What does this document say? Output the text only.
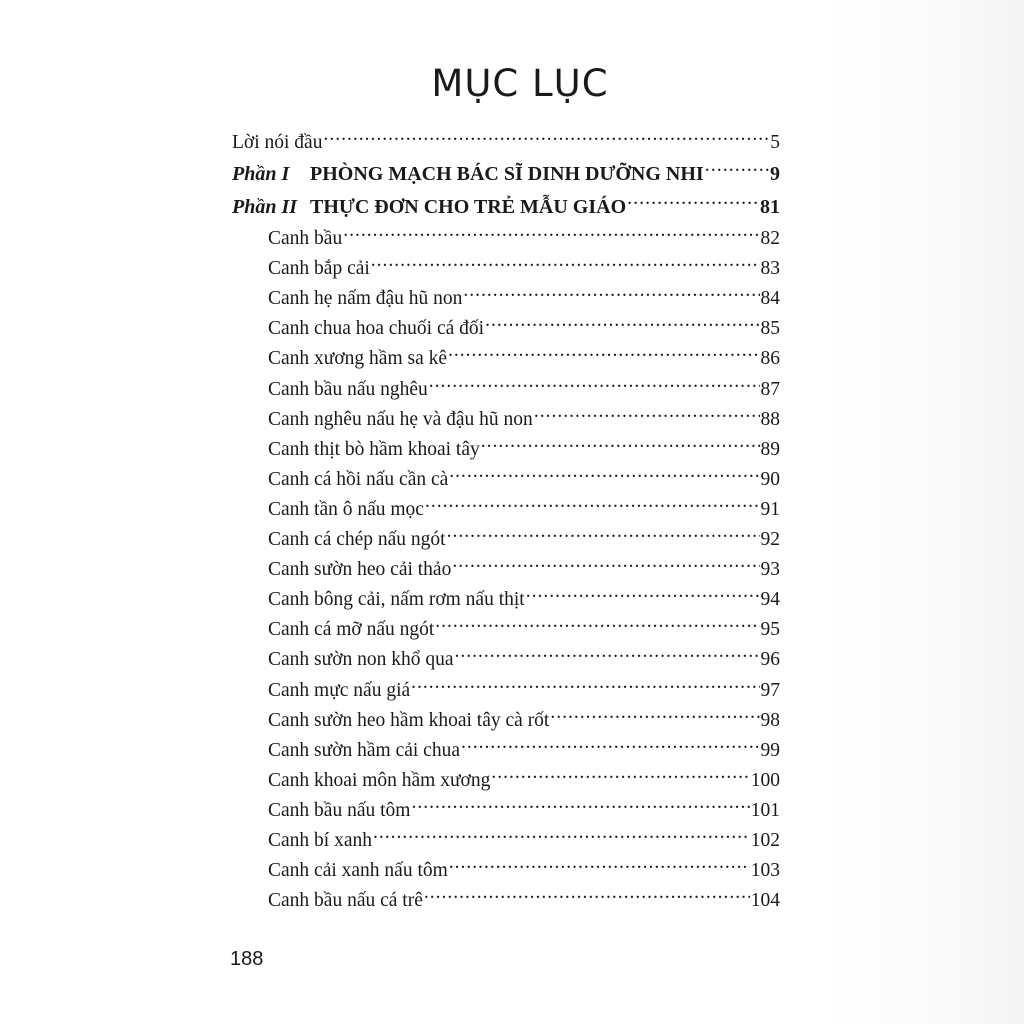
MỤC LỤC
Lời nói đầu .....	5
Phần I	PHÒNG MẠCH BÁC SĨ DINH DƯỠNG NHI .....	9
Phần II THỰC ĐƠN CHO TRẺ MẪU GIÁO .....	81
Canh bầu .....	82
Canh bắp cải .....	83
Canh hẹ nấm đậu hũ non .....	84
Canh chua hoa chuối cá đối .....	85
Canh xương hầm sa kê .....	86
Canh bầu nấu nghêu .....	87
Canh nghêu nấu hẹ và đậu hũ non .....	88
Canh thịt bò hầm khoai tây .....	89
Canh cá hồi nấu cần cà .....	90
Canh tần ô nấu mọc .....	91
Canh cá chép nấu ngót .....	92
Canh sườn heo cải thảo .....	93
Canh bông cải, nấm rơm nấu thịt .....	94
Canh cá mỡ nấu ngót .....	95
Canh sườn non khổ qua .....	96
Canh mực nấu giá .....	97
Canh sườn heo hầm khoai tây cà rốt .....	98
Canh sườn hầm cải chua .....	99
Canh khoai môn hầm xương .....	100
Canh bầu nấu tôm .....	101
Canh bí xanh .....	102
Canh cải xanh nấu tôm .....	103
Canh bầu nấu cá trê .....	104
188
